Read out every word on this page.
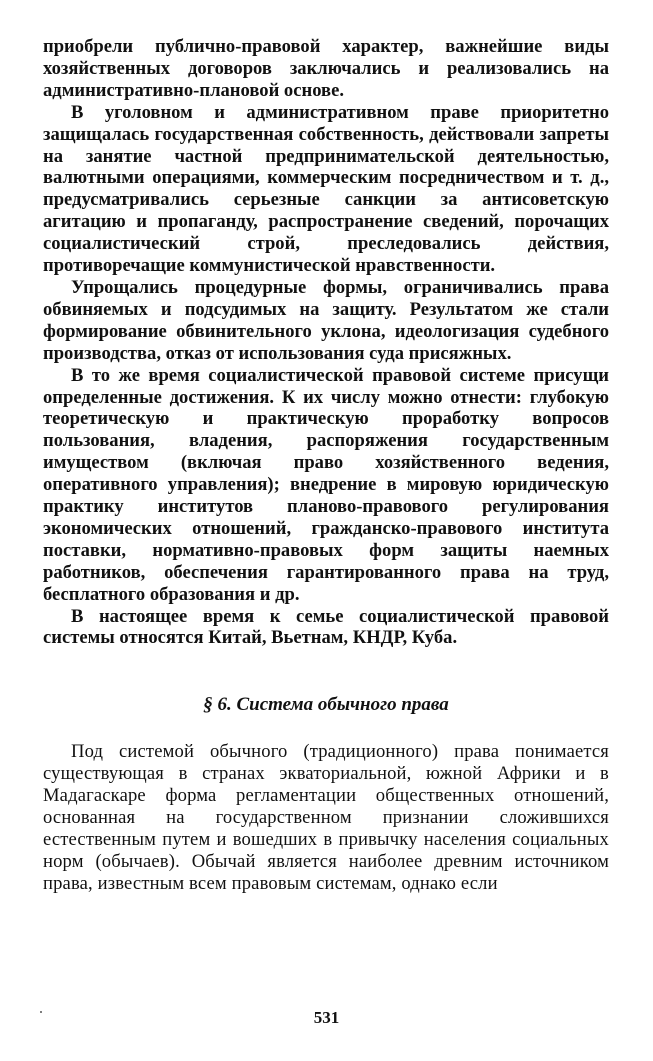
приобрели публично-правовой характер, важнейшие виды хозяйственных договоров заключались и реализовались на административно-плановой основе.

В уголовном и административном праве приоритетно защищалась государственная собственность, действовали запреты на занятие частной предпринимательской деятельностью, валютными операциями, коммерческим посредничеством и т. д., предусматривались серьезные санкции за антисоветскую агитацию и пропаганду, распространение сведений, порочащих социалистический строй, преследовались действия, противоречащие коммунистической нравственности.

Упрощались процедурные формы, ограничивались права обвиняемых и подсудимых на защиту. Результатом же стали формирование обвинительного уклона, идеологизация судебного производства, отказ от использования суда присяжных.

В то же время социалистической правовой системе присущи определенные достижения. К их числу можно отнести: глубокую теоретическую и практическую проработку вопросов пользования, владения, распоряжения государственным имуществом (включая право хозяйственного ведения, оперативного управления); внедрение в мировую юридическую практику институтов планово-правового регулирования экономических отношений, гражданско-правового института поставки, нормативно-правовых форм защиты наемных работников, обеспечения гарантированного права на труд, бесплатного образования и др.

В настоящее время к семье социалистической правовой системы относятся Китай, Вьетнам, КНДР, Куба.

§ 6. Система обычного права

Под системой обычного (традиционного) права понимается существующая в странах экваториальной, южной Африки и в Мадагаскаре форма регламентации общественных отношений, основанная на государственном признании сложившихся естественным путем и вошедших в привычку населения социальных норм (обычаев). Обычай является наиболее древним источником права, известным всем правовым системам, однако если

531
